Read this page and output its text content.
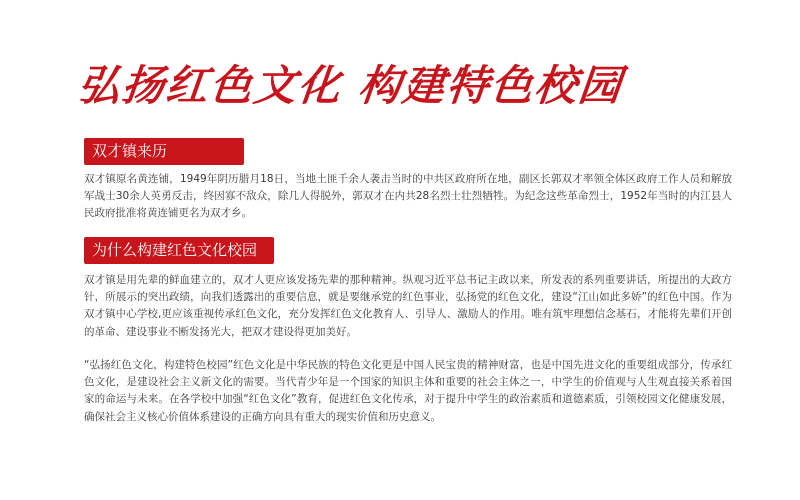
弘扬红色文化 构建特色校园
双才镇来历

双才镇原名黄连铺，1949年阴历腊月18日，当地土匪千余人袭击当时的中共区政府所在地，副区长郭双才率领全体区政府工作人员和解放军战士30余人英勇反击，终因寡不敌众，除几人得脱外，郭双才在内共28名烈士壮烈牺牲。为纪念这些革命烈士，1952年当时的内江县人民政府批准将黄连铺更名为双才乡。

为什么构建红色文化校园

双才镇是用先辈的鲜血建立的，双才人更应该发扬先辈的那种精神。纵观习近平总书记主政以来，所发表的系列重要讲话，所提出的大政方针，所展示的突出政绩，向我们透露出的重要信息，就是要继承党的红色事业，弘扬党的红色文化，建设“江山如此多娇”的红色中国。作为双才镇中心学校,更应该重视传承红色文化，充分发挥红色文化教育人、引导人、激励人的作用。唯有筑牢理想信念基石，才能将先辈们开创的革命、建设事业不断发扬光大，把双才建设得更加美好。

“弘扬红色文化，构建特色校园”红色文化是中华民族的特色文化更是中国人民宝贵的精神财富，也是中国先进文化的重要组成部分，传承红色文化，是建设社会主义新文化的需要。当代青少年是一个国家的知识主体和重要的社会主体之一，中学生的价值观与人生观直接关系着国家的命运与未来。在各学校中加强“红色文化”教育，促进红色文化传承，对于提升中学生的政治素质和道德素质，引领校园文化健康发展，确保社会主义核心价值体系建设的正确方向具有重大的现实价值和历史意义。
